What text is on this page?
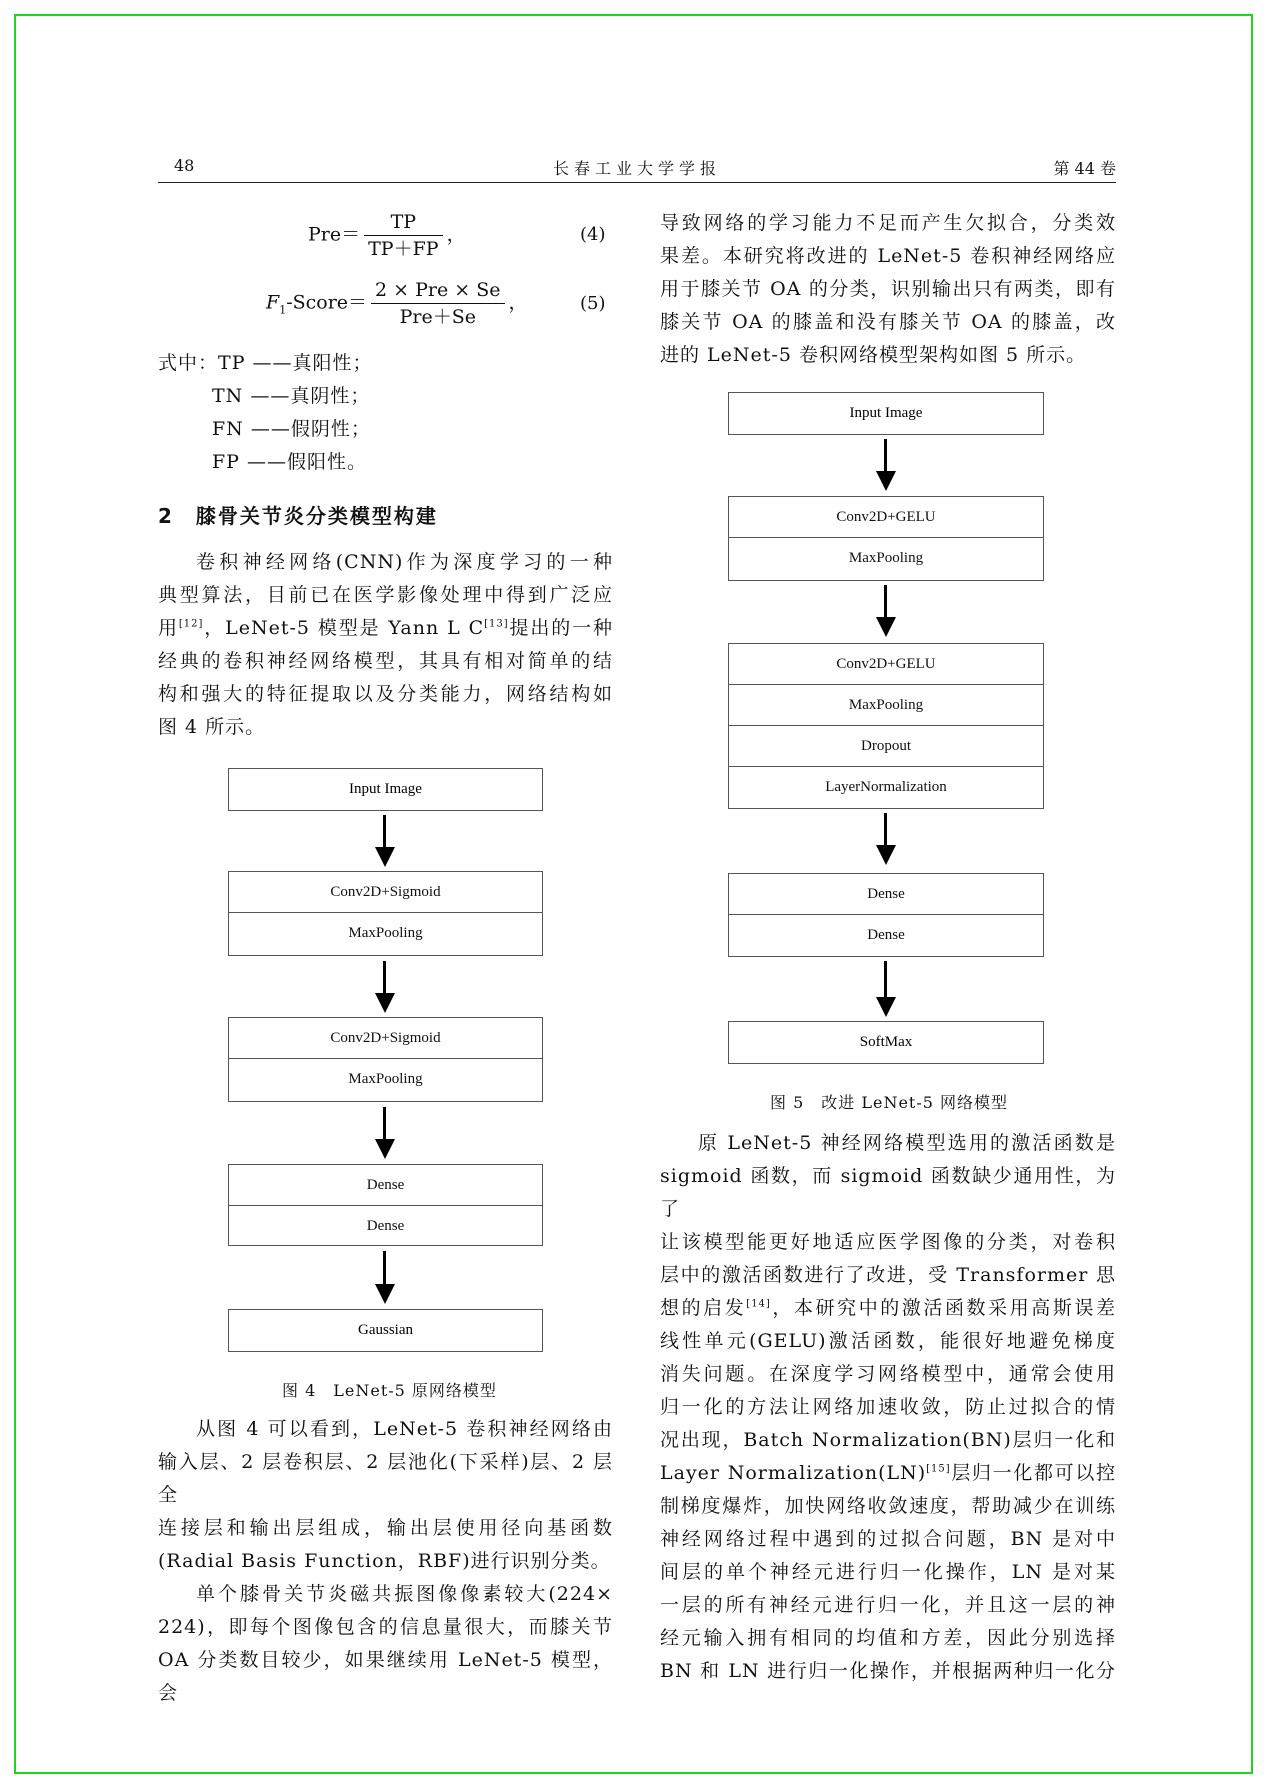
48	长春工业大学学报	第 44 卷
$Pre= \frac{TP}{TP+FP}$ ，	(4)
$F_1-Score= \frac{\text{2 × Pre × Se}}{\text{Pre＋Se}}$ ，	(5)
式中：TP ——真阳性；
TN ——真阴性；
FN ——假阴性；
FP ——假阳性。
2 膝骨关节炎分类模型构建

卷积神经网络(CNN)作为深度学习的一种

典型算法，目前已在医学影像处理中得到广泛应

用[12]，LeNet-5 模型是 Yann L C[13]提出的一种

经典的卷积神经网络模型，其具有相对简单的结

构和强大的特征提取以及分类能力，网络结构如

图 4 所示。

Input Image
Conv2D+Sigmoid
MaxPooling
Conv2D+Sigmoid
MaxPooling
Dense
Dense
Gaussian
图 4　LeNet-5 原网络模型

从图 4 可以看到，LeNet-5 卷积神经网络由

输入层、2 层卷积层、2 层池化(下采样)层、2 层全

连接层和输出层组成，输出层使用径向基函数

(Radial Basis Function，RBF)进行识别分类。

单个膝骨关节炎磁共振图像像素较大(224×

224)，即每个图像包含的信息量很大，而膝关节

OA 分类数目较少，如果继续用 LeNet-5 模型，会

导致网络的学习能力不足而产生欠拟合，分类效

果差。本研究将改进的 LeNet-5 卷积神经网络应

用于膝关节 OA 的分类，识别输出只有两类，即有

膝关节 OA 的膝盖和没有膝关节 OA 的膝盖，改

进的 LeNet-5 卷积网络模型架构如图 5 所示。

Input Image
Conv2D+GELU
MaxPooling
Conv2D+GELU
MaxPooling
Dropout
LayerNormalization
Dense
Dense
SoftMax
图 5　改进 LeNet-5 网络模型

原 LeNet-5 神经网络模型选用的激活函数是

sigmoid 函数，而 sigmoid 函数缺少通用性，为了

让该模型能更好地适应医学图像的分类，对卷积

层中的激活函数进行了改进，受 Transformer 思

想的启发[14]，本研究中的激活函数采用高斯误差

线性单元(GELU)激活函数，能很好地避免梯度

消失问题。在深度学习网络模型中，通常会使用

归一化的方法让网络加速收敛，防止过拟合的情

况出现，Batch Normalization(BN)层归一化和

Layer Normalization(LN)[15]层归一化都可以控

制梯度爆炸，加快网络收敛速度，帮助减少在训练

神经网络过程中遇到的过拟合问题，BN 是对中

间层的单个神经元进行归一化操作，LN 是对某

一层的所有神经元进行归一化，并且这一层的神

经元输入拥有相同的均值和方差，因此分别选择

BN 和 LN 进行归一化操作，并根据两种归一化分
